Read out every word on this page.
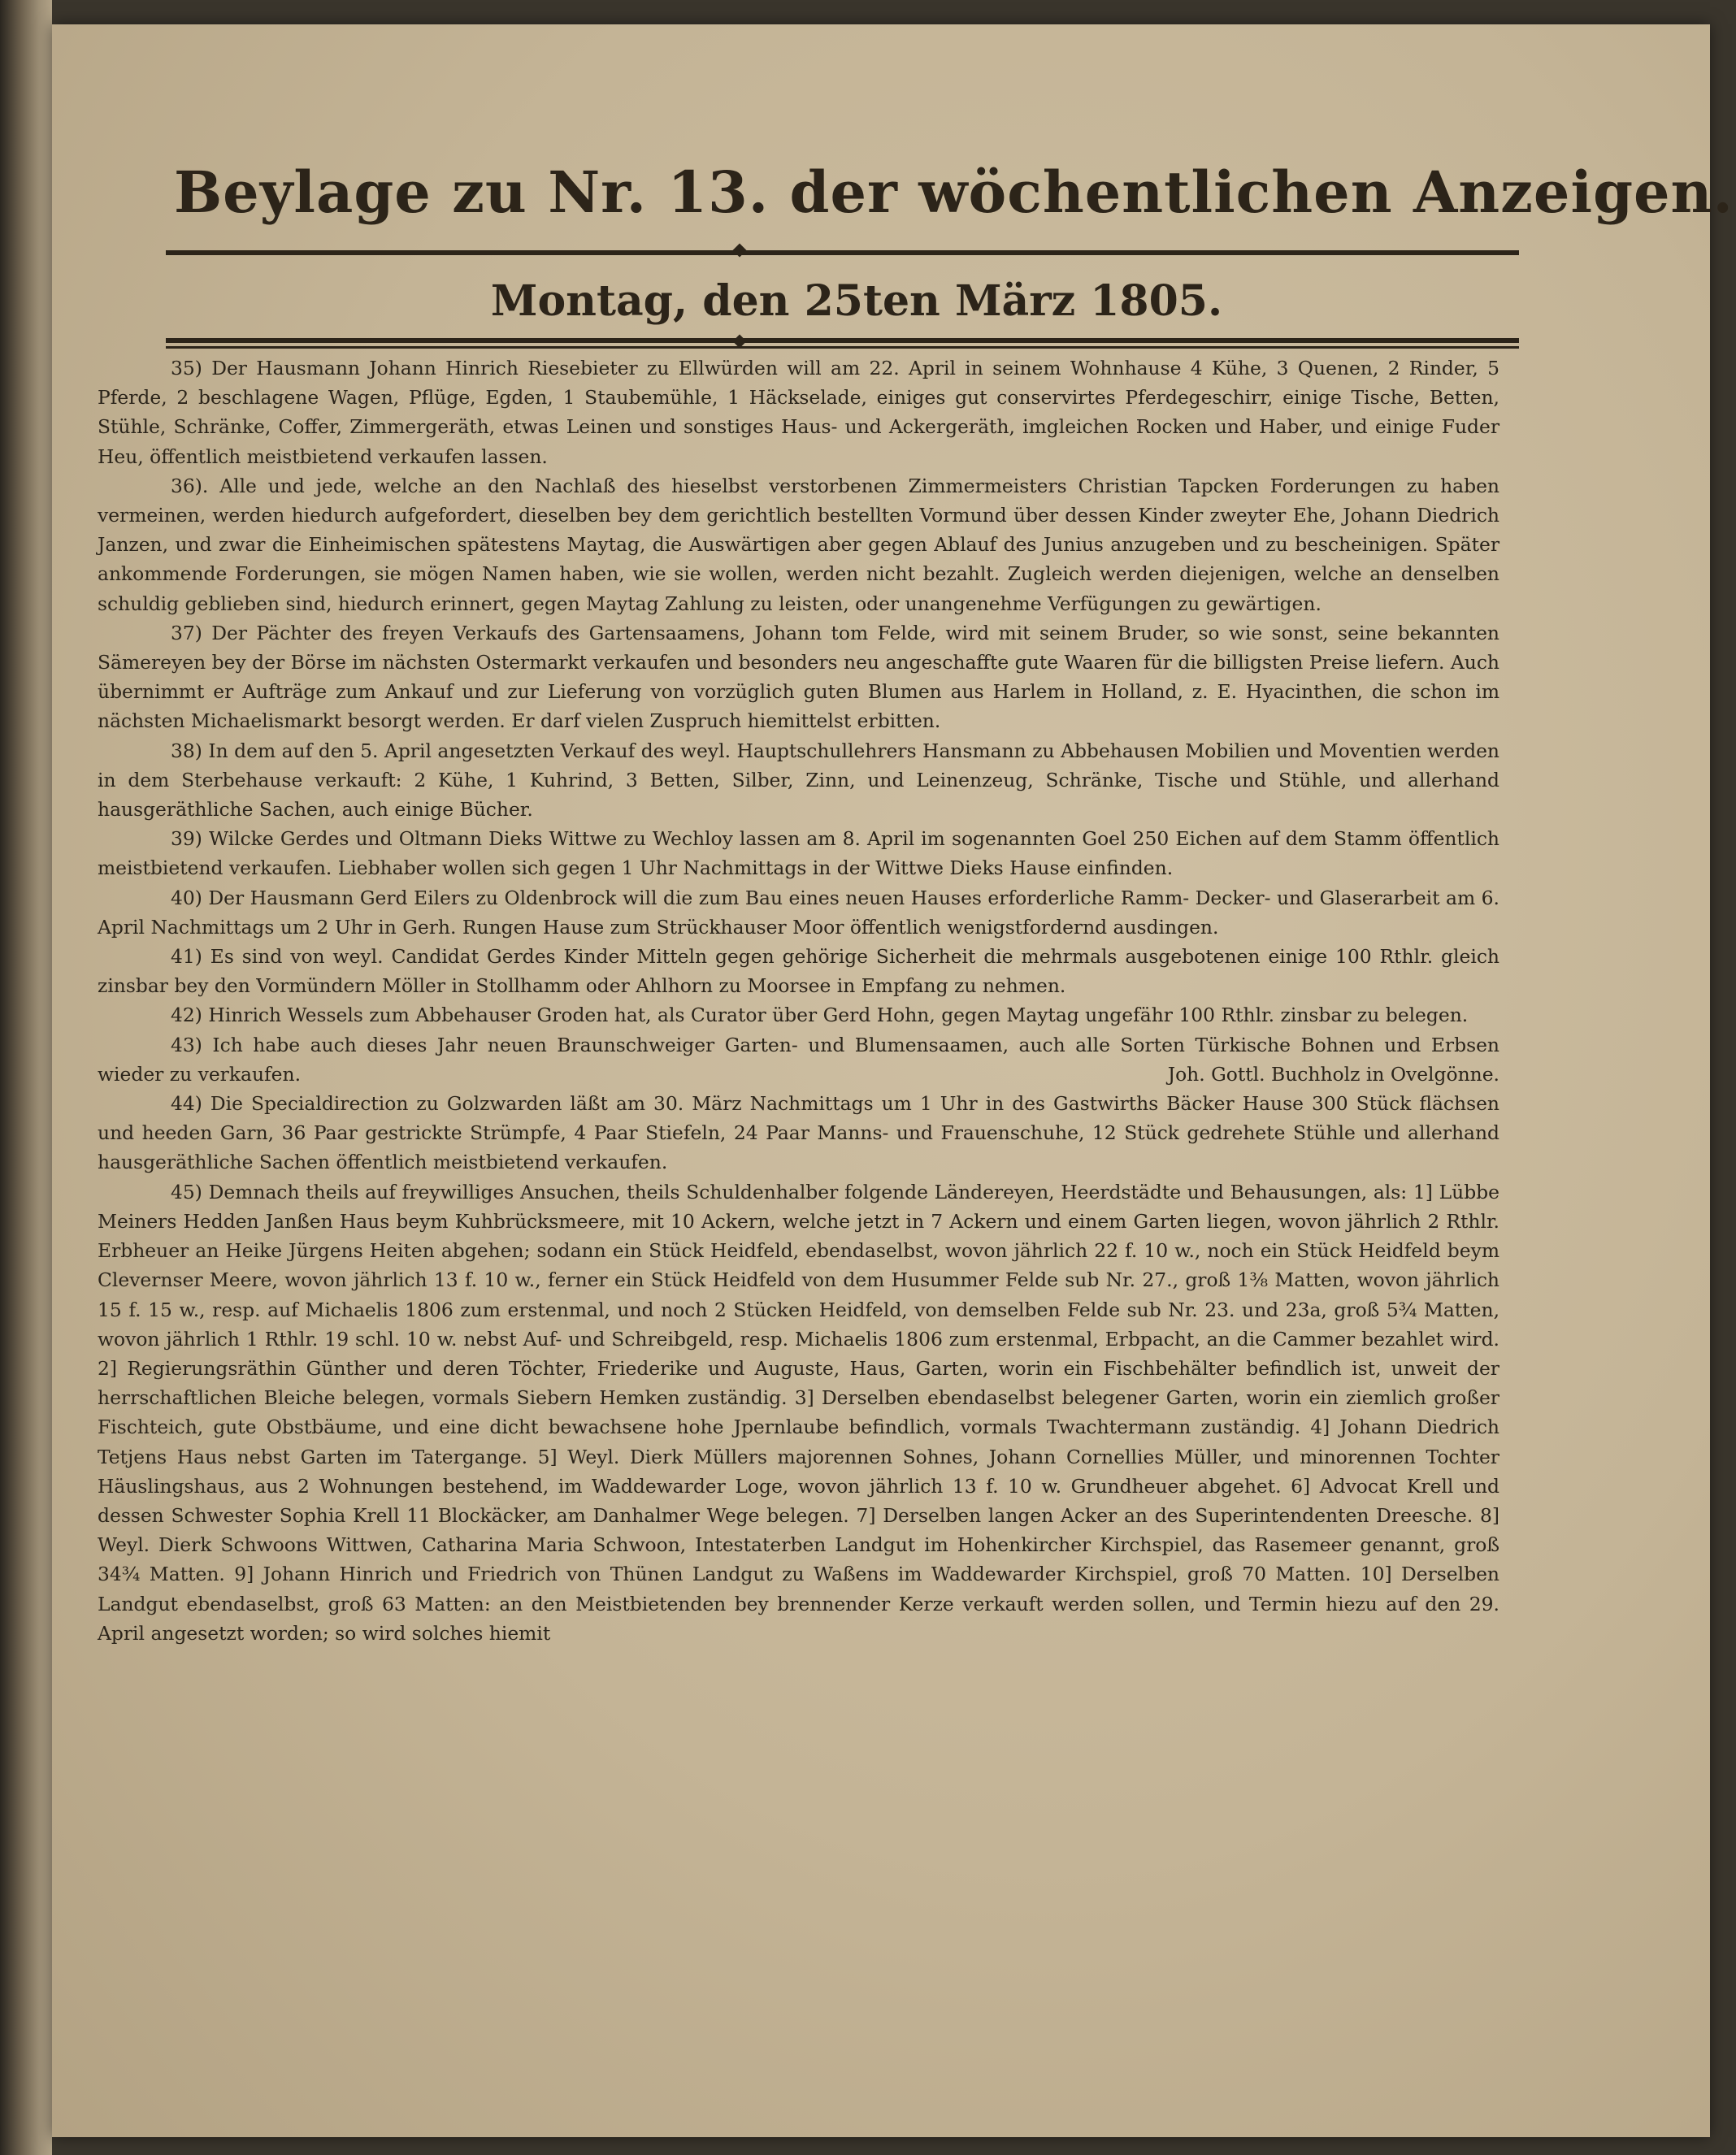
Beylage zu Nr. 13. der wöchentlichen Anzeigen.
Montag, den 25ten März 1805.

35) Der Hausmann Johann Hinrich Riesebieter zu Ellwürden will am 22. April in seinem Wohnhause 4 Kühe, 3 Quenen, 2 Rinder, 5 Pferde, 2 beschlagene Wagen, Pflüge, Egden, 1 Staubemühle, 1 Häckselade, einiges gut conservirtes Pferdegeschirr, einige Tische, Betten, Stühle, Schränke, Coffer, Zimmergeräth, etwas Leinen und sonstiges Haus- und Ackergeräth, imgleichen Rocken und Haber, und einige Fuder Heu, öffentlich meistbietend verkaufen lassen.

36). Alle und jede, welche an den Nachlaß des hieselbst verstorbenen Zimmermeisters Christian Tapcken Forderungen zu haben vermeinen, werden hiedurch aufgefordert, dieselben bey dem gerichtlich bestellten Vormund über dessen Kinder zweyter Ehe, Johann Diedrich Janzen, und zwar die Einheimischen spätestens Maytag, die Auswärtigen aber gegen Ablauf des Junius anzugeben und zu bescheinigen. Später ankommende Forderungen, sie mögen Namen haben, wie sie wollen, werden nicht bezahlt. Zugleich werden diejenigen, welche an denselben schuldig geblieben sind, hiedurch erinnert, gegen Maytag Zahlung zu leisten, oder unangenehme Verfügungen zu gewärtigen.

37) Der Pächter des freyen Verkaufs des Gartensaamens, Johann tom Felde, wird mit seinem Bruder, so wie sonst, seine bekannten Sämereyen bey der Börse im nächsten Ostermarkt verkaufen und besonders neu angeschaffte gute Waaren für die billigsten Preise liefern. Auch übernimmt er Aufträge zum Ankauf und zur Lieferung von vorzüglich guten Blumen aus Harlem in Holland, z. E. Hyacinthen, die schon im nächsten Michaelismarkt besorgt werden. Er darf vielen Zuspruch hiemittelst erbitten.

38) In dem auf den 5. April angesetzten Verkauf des weyl. Hauptschullehrers Hansmann zu Abbehausen Mobilien und Moventien werden in dem Sterbehause verkauft: 2 Kühe, 1 Kuhrind, 3 Betten, Silber, Zinn, und Leinenzeug, Schränke, Tische und Stühle, und allerhand hausgeräthliche Sachen, auch einige Bücher.

39) Wilcke Gerdes und Oltmann Dieks Wittwe zu Wechloy lassen am 8. April im sogenannten Goel 250 Eichen auf dem Stamm öffentlich meistbietend verkaufen. Liebhaber wollen sich gegen 1 Uhr Nachmittags in der Wittwe Dieks Hause einfinden.

40) Der Hausmann Gerd Eilers zu Oldenbrock will die zum Bau eines neuen Hauses erforderliche Ramm- Decker- und Glaserarbeit am 6. April Nachmittags um 2 Uhr in Gerh. Rungen Hause zum Strückhauser Moor öffentlich wenigstfordernd ausdingen.

41) Es sind von weyl. Candidat Gerdes Kinder Mitteln gegen gehörige Sicherheit die mehrmals ausgebotenen einige 100 Rthlr. gleich zinsbar bey den Vormündern Möller in Stollhamm oder Ahlhorn zu Moorsee in Empfang zu nehmen.

42) Hinrich Wessels zum Abbehauser Groden hat, als Curator über Gerd Hohn, gegen Maytag ungefähr 100 Rthlr. zinsbar zu belegen.

43) Ich habe auch dieses Jahr neuen Braunschweiger Garten- und Blumensaamen, auch alle Sorten Türkische Bohnen und Erbsen wieder zu verkaufen.	Joh. Gottl. Buchholz in Ovelgönne.

44) Die Specialdirection zu Golzwarden läßt am 30. März Nachmittags um 1 Uhr in des Gastwirths Bäcker Hause 300 Stück flächsen und heeden Garn, 36 Paar gestrickte Strümpfe, 4 Paar Stiefeln, 24 Paar Manns- und Frauenschuhe, 12 Stück gedrehete Stühle und allerhand hausgeräthliche Sachen öffentlich meistbietend verkaufen.

45) Demnach theils auf freywilliges Ansuchen, theils Schuldenhalber folgende Ländereyen, Heerdstädte und Behausungen, als: 1] Lübbe Meiners Hedden Janßen Haus beym Kuhbrücksmeere, mit 10 Ackern, welche jetzt in 7 Ackern und einem Garten liegen, wovon jährlich 2 Rthlr. Erbheuer an Heike Jürgens Heiten abgehen; sodann ein Stück Heidfeld, ebendaselbst, wovon jährlich 22 f. 10 w., noch ein Stück Heidfeld beym Clevernser Meere, wovon jährlich 13 f. 10 w., ferner ein Stück Heidfeld von dem Husummer Felde sub Nr. 27., groß 1⅜ Matten, wovon jährlich 15 f. 15 w., resp. auf Michaelis 1806 zum erstenmal, und noch 2 Stücken Heidfeld, von demselben Felde sub Nr. 23. und 23a, groß 5¾ Matten, wovon jährlich 1 Rthlr. 19 schl. 10 w. nebst Auf- und Schreibgeld, resp. Michaelis 1806 zum erstenmal, Erbpacht, an die Cammer bezahlet wird. 2] Regierungsräthin Günther und deren Töchter, Friederike und Auguste, Haus, Garten, worin ein Fischbehälter befindlich ist, unweit der herrschaftlichen Bleiche belegen, vormals Siebern Hemken zuständig. 3] Derselben ebendaselbst belegener Garten, worin ein ziemlich großer Fischteich, gute Obstbäume, und eine dicht bewachsene hohe Jpernlaube befindlich, vormals Twachtermann zuständig. 4] Johann Diedrich Tetjens Haus nebst Garten im Tatergange. 5] Weyl. Dierk Müllers majorennen Sohnes, Johann Cornellies Müller, und minorennen Tochter Häuslingshaus, aus 2 Wohnungen bestehend, im Waddewarder Loge, wovon jährlich 13 f. 10 w. Grundheuer abgehet. 6] Advocat Krell und dessen Schwester Sophia Krell 11 Blockäcker, am Danhalmer Wege belegen. 7] Derselben langen Acker an des Superintendenten Dreesche. 8] Weyl. Dierk Schwoons Wittwen, Catharina Maria Schwoon, Intestaterben Landgut im Hohenkircher Kirchspiel, das Rasemeer genannt, groß 34¾ Matten. 9] Johann Hinrich und Friedrich von Thünen Landgut zu Waßens im Waddewarder Kirchspiel, groß 70 Matten. 10] Derselben Landgut ebendaselbst, groß 63 Matten: an den Meistbietenden bey brennender Kerze verkauft werden sollen, und Termin hiezu auf den 29. April angesetzt worden; so wird solches hiemit
